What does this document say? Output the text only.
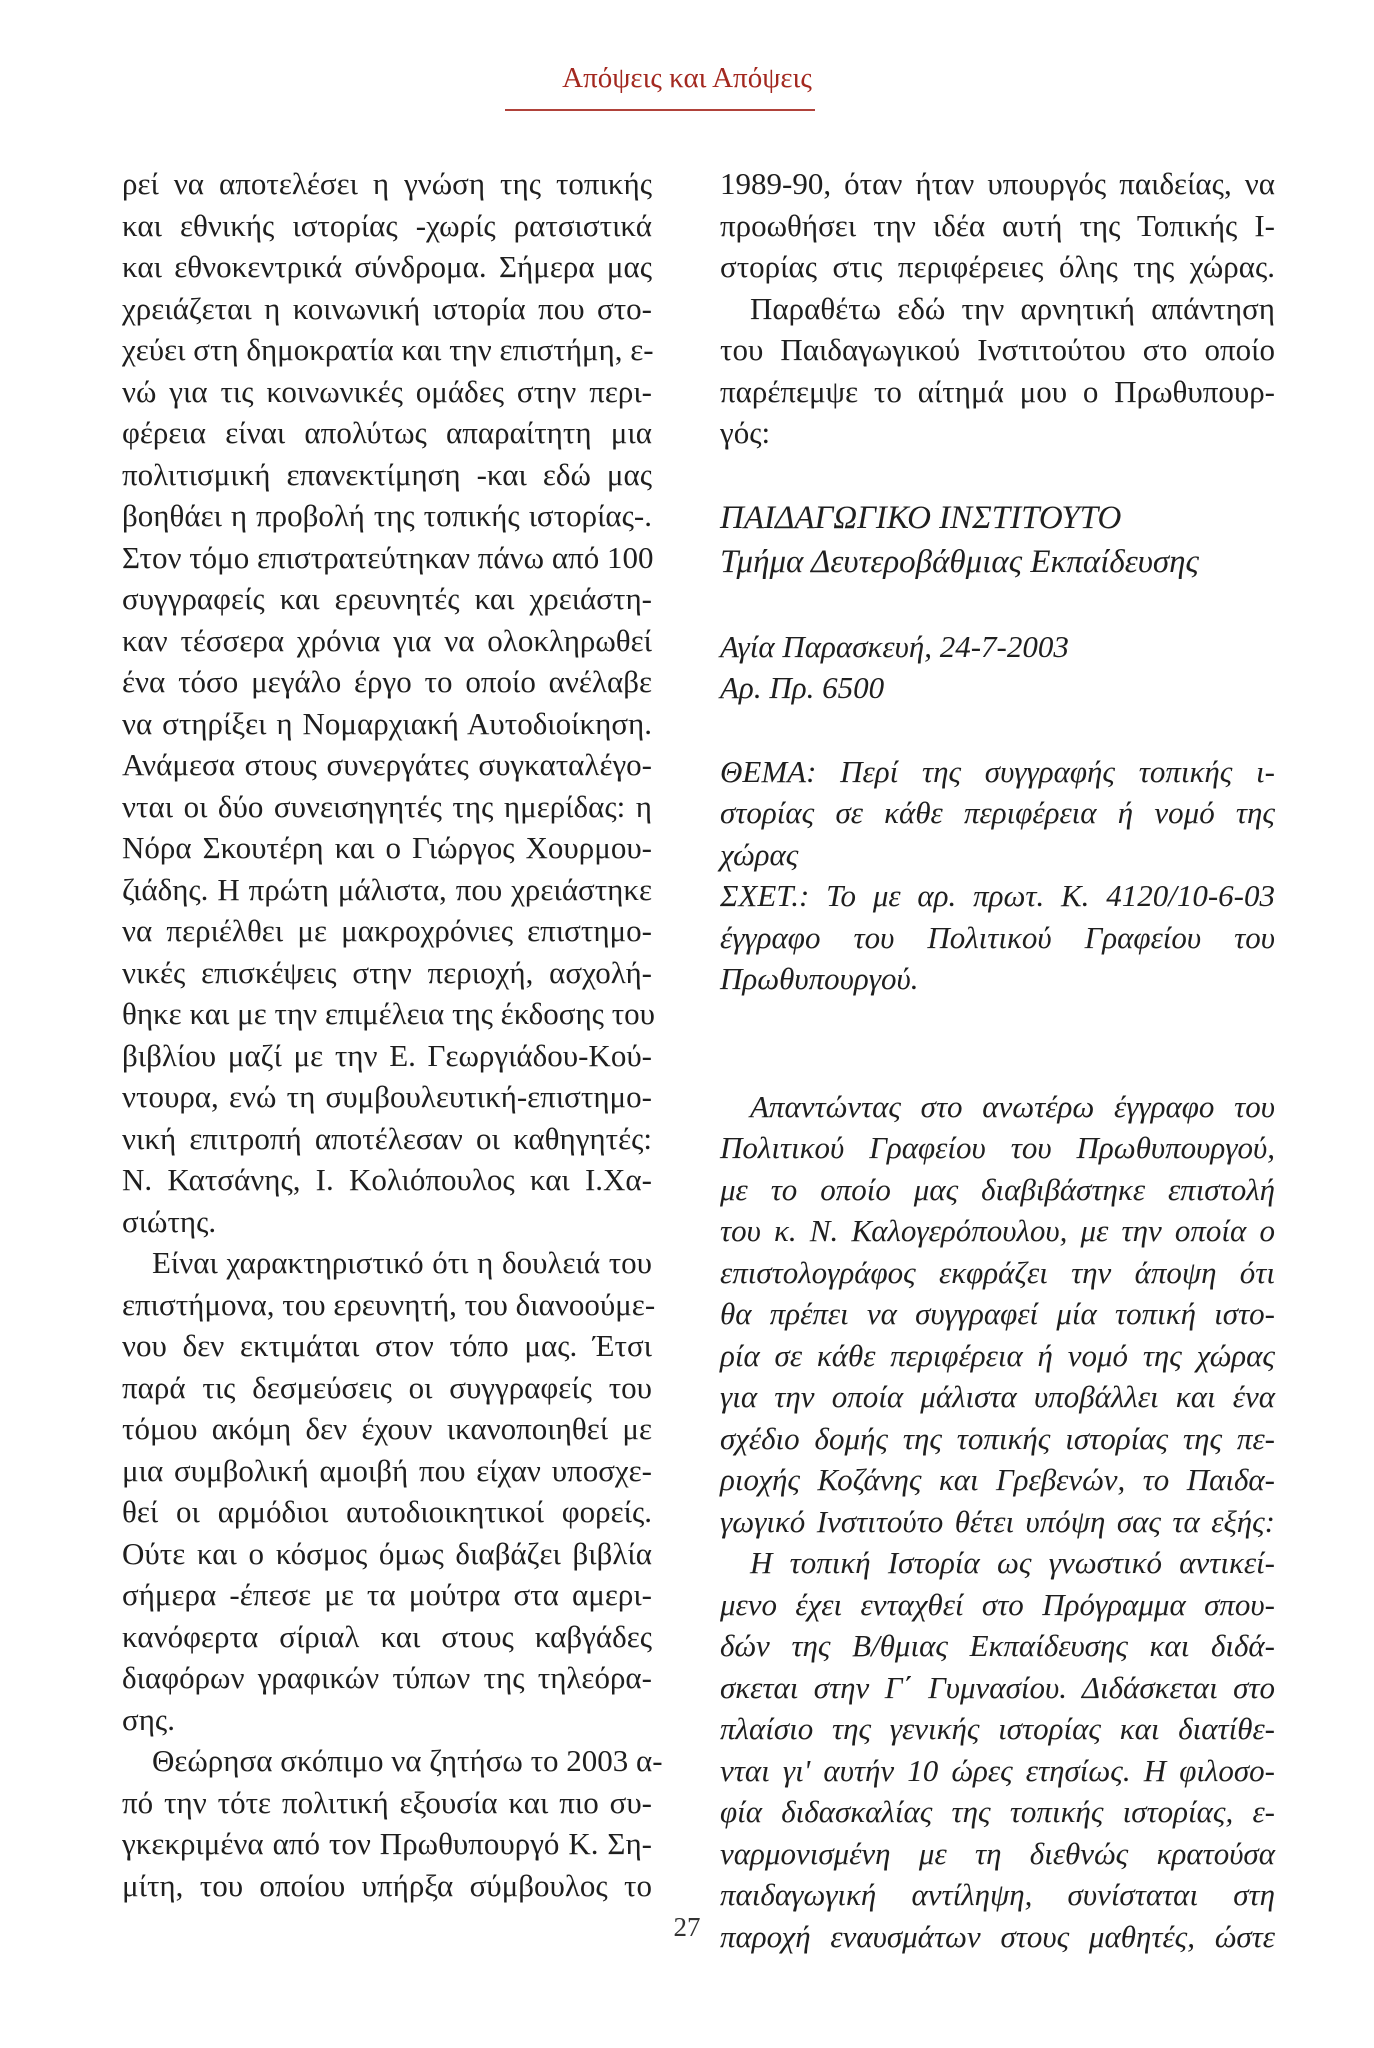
Απόψεις και Απόψεις
ρεί να αποτελέσει η γνώση της τοπικής
και εθνικής ιστορίας -χωρίς ρατσιστικά
και εθνοκεντρικά σύνδρομα. Σήμερα μας
χρειάζεται η κοινωνική ιστορία που στο-
χεύει στη δημοκρατία και την επιστήμη, ε-
νώ για τις κοινωνικές ομάδες στην περι-
φέρεια είναι απολύτως απαραίτητη μια
πολιτισμική επανεκτίμηση -και εδώ μας
βοηθάει η προβολή της τοπικής ιστορίας-.
Στον τόμο επιστρατεύτηκαν πάνω από 100
συγγραφείς και ερευνητές και χρειάστη-
καν τέσσερα χρόνια για να ολοκληρωθεί
ένα τόσο μεγάλο έργο το οποίο ανέλαβε
να στηρίξει η Νομαρχιακή Αυτοδιοίκηση.
Ανάμεσα στους συνεργάτες συγκαταλέγο-
νται οι δύο συνεισηγητές της ημερίδας: η
Νόρα Σκουτέρη και ο Γιώργος Χουρμου-
ζιάδης. Η πρώτη μάλιστα, που χρειάστηκε
να περιέλθει με μακροχρόνιες επιστημο-
νικές επισκέψεις στην περιοχή, ασχολή-
θηκε και με την επιμέλεια της έκδοσης του
βιβλίου μαζί με την Ε. Γεωργιάδου-Κού-
ντουρα, ενώ τη συμβουλευτική-επιστημο-
νική επιτροπή αποτέλεσαν οι καθηγητές:
Ν. Κατσάνης, Ι. Κολιόπουλος και Ι.Χα-
σιώτης.
Είναι χαρακτηριστικό ότι η δουλειά του
επιστήμονα, του ερευνητή, του διανοούμε-
νου δεν εκτιμάται στον τόπο μας. Έτσι
παρά τις δεσμεύσεις οι συγγραφείς του
τόμου ακόμη δεν έχουν ικανοποιηθεί με
μια συμβολική αμοιβή που είχαν υποσχε-
θεί οι αρμόδιοι αυτοδιοικητικοί φορείς.
Ούτε και ο κόσμος όμως διαβάζει βιβλία
σήμερα -έπεσε με τα μούτρα στα αμερι-
κανόφερτα σίριαλ και στους καβγάδες
διαφόρων γραφικών τύπων της τηλεόρα-
σης.
Θεώρησα σκόπιμο να ζητήσω το 2003 α-
πό την τότε πολιτική εξουσία και πιο συ-
γκεκριμένα από τον Πρωθυπουργό Κ. Ση-
μίτη, του οποίου υπήρξα σύμβουλος το
1989-90, όταν ήταν υπουργός παιδείας, να
προωθήσει την ιδέα αυτή της Τοπικής Ι-
στορίας στις περιφέρειες όλης της χώρας.
Παραθέτω εδώ την αρνητική απάντηση
του Παιδαγωγικού Ινστιτούτου στο οποίο
παρέπεμψε το αίτημά μου ο Πρωθυπουρ-
γός:
ΠΑΙΔΑΓΩΓΙΚΟ ΙΝΣΤΙΤΟΥΤΟ
Τμήμα Δευτεροβάθμιας Εκπαίδευσης
Αγία Παρασκευή, 24-7-2003
Αρ. Πρ. 6500
ΘΕΜΑ: Περί της συγγραφής τοπικής ι-
στορίας σε κάθε περιφέρεια ή νομό της
χώρας
ΣΧΕΤ.: Το με αρ. πρωτ. Κ. 4120/10-6-03
έγγραφο του Πολιτικού Γραφείου του
Πρωθυπουργού.
Απαντώντας στο ανωτέρω έγγραφο του
Πολιτικού Γραφείου του Πρωθυπουργού,
με το οποίο μας διαβιβάστηκε επιστολή
του κ. Ν. Καλογερόπουλου, με την οποία ο
επιστολογράφος εκφράζει την άποψη ότι
θα πρέπει να συγγραφεί μία τοπική ιστο-
ρία σε κάθε περιφέρεια ή νομό της χώρας
για την οποία μάλιστα υποβάλλει και ένα
σχέδιο δομής της τοπικής ιστορίας της πε-
ριοχής Κοζάνης και Γρεβενών, το Παιδα-
γωγικό Ινστιτούτο θέτει υπόψη σας τα εξής:
Η τοπική Ιστορία ως γνωστικό αντικεί-
μενο έχει ενταχθεί στο Πρόγραμμα σπου-
δών της Β/θμιας Εκπαίδευσης και διδά-
σκεται στην Γ΄ Γυμνασίου. Διδάσκεται στο
πλαίσιο της γενικής ιστορίας και διατίθε-
νται γι' αυτήν 10 ώρες ετησίως. Η φιλοσο-
φία διδασκαλίας της τοπικής ιστορίας, ε-
ναρμονισμένη με τη διεθνώς κρατούσα
παιδαγωγική αντίληψη, συνίσταται στη
παροχή εναυσμάτων στους μαθητές, ώστε
27
